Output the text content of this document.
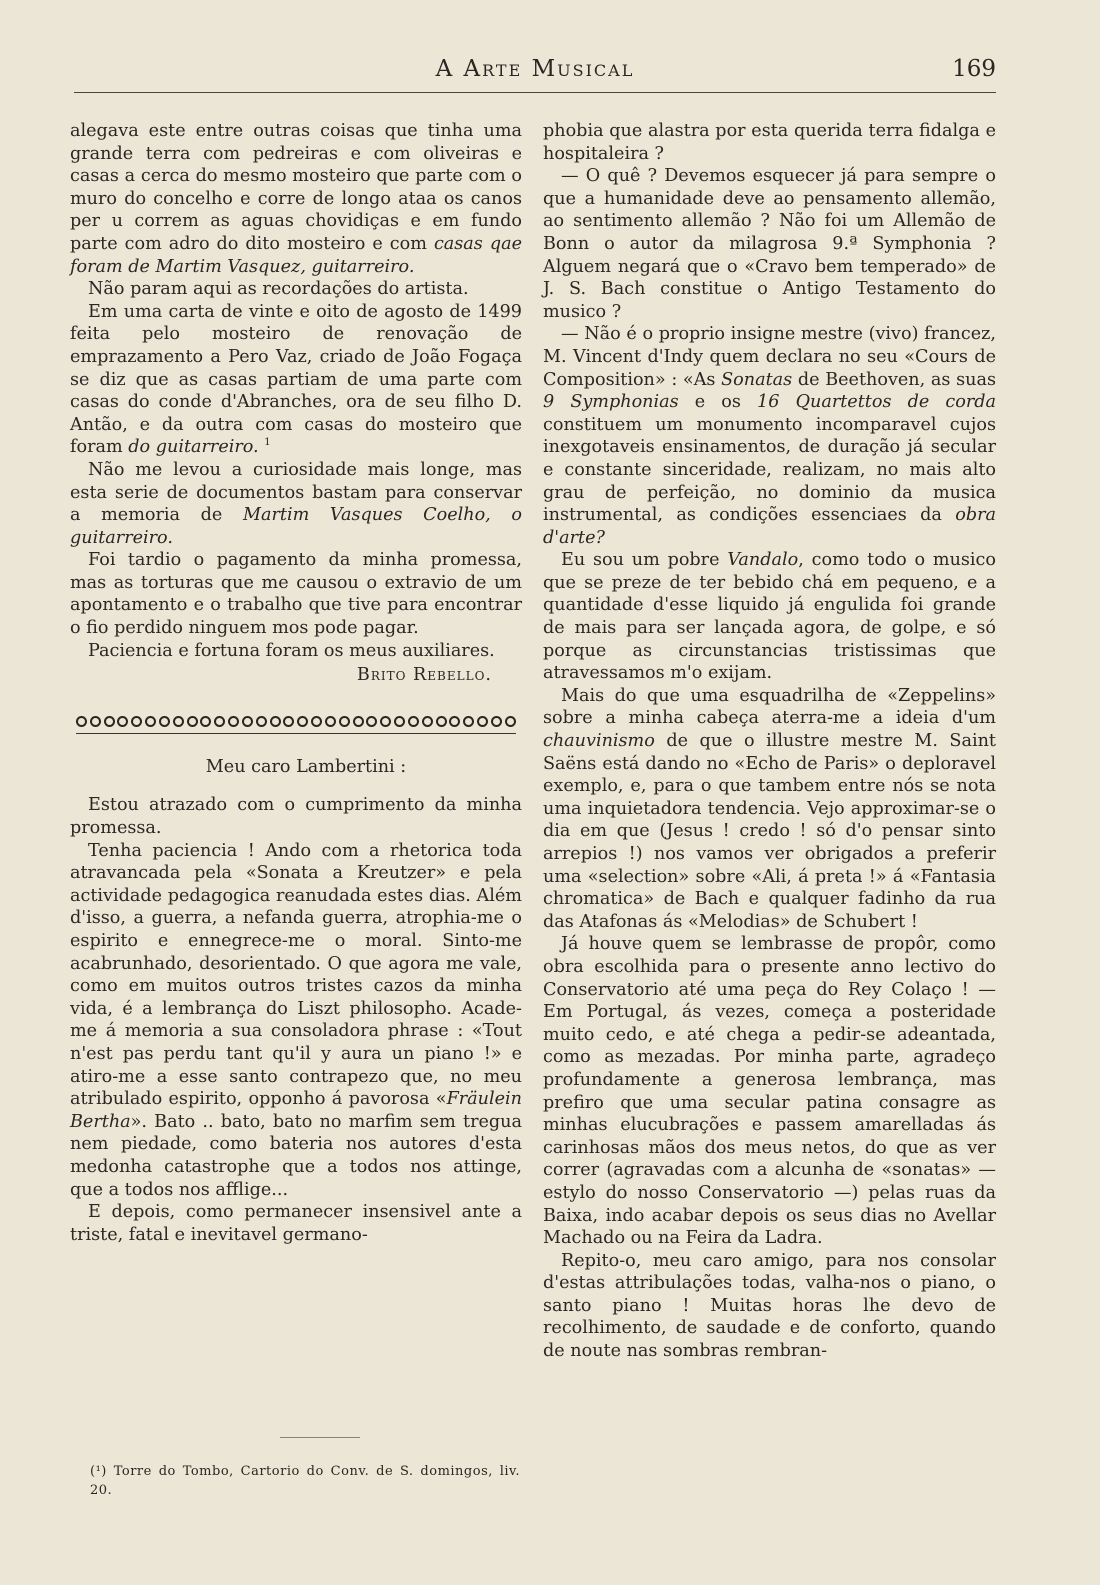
A Arte Musical	169

alegava este entre outras coisas que tinha uma grande terra com pedreiras e com oliveiras e casas a cerca do mesmo mosteiro que parte com o muro do concelho e corre de longo ataa os canos per u correm as aguas chovidiças e em fundo parte com adro do dito mosteiro e com casas qae foram de Martim Vasquez, guitarreiro.

Não param aqui as recordações do artista.

Em uma carta de vinte e oito de agosto de 1499 feita pelo mosteiro de renovação de emprazamento a Pero Vaz, criado de João Fogaça se diz que as casas partiam de uma parte com casas do conde d'Abranches, ora de seu filho D. Antão, e da outra com casas do mosteiro que foram do guitarreiro. $^1$

Não me levou a curiosidade mais longe, mas esta serie de documentos bastam para conservar a memoria de Martim Vasques Coelho, o guitarreiro.

Foi tardio o pagamento da minha promessa, mas as torturas que me causou o extravio de um apontamento e o trabalho que tive para encontrar o fio perdido ninguem mos pode pagar.

Paciencia e fortuna foram os meus auxiliares.

Brito Rebello.

Meu caro Lambertini :

Estou atrazado com o cumprimento da minha promessa.

Tenha paciencia ! Ando com a rhetorica toda atravancada pela «Sonata a Kreutzer» e pela actividade pedagogica reanudada estes dias. Além d'isso, a guerra, a nefanda guerra, atrophia-me o espirito e ennegrece-me o moral. Sinto-me acabrunhado, desorientado. O que agora me vale, como em muitos outros tristes cazos da minha vida, é a lembrança do Liszt philosopho. Acade-me á memoria a sua consoladora phrase : «Tout n'est pas perdu tant qu'il y aura un piano !» e atiro-me a esse santo contrapezo que, no meu atribulado espirito, opponho á pavorosa «Fräulein Bertha». Bato .. bato, bato no marfim sem tregua nem piedade, como bateria nos autores d'esta medonha catastrophe que a todos nos attinge, que a todos nos afflige...

E depois, como permanecer insensivel ante a triste, fatal e inevitavel germano-

phobia que alastra por esta querida terra fidalga e hospitaleira ?

— O quê ? Devemos esquecer já para sempre o que a humanidade deve ao pensamento allemão, ao sentimento allemão ? Não foi um Allemão de Bonn o autor da milagrosa 9.ª Symphonia ? Alguem negará que o «Cravo bem temperado» de J. S. Bach constitue o Antigo Testamento do musico ?

— Não é o proprio insigne mestre (vivo) francez, M. Vincent d'Indy quem declara no seu «Cours de Composition» : «As Sonatas de Beethoven, as suas 9 Symphonias e os 16 Quartettos de corda constituem um monumento incomparavel cujos inexgotaveis ensinamentos, de duração já secular e constante sinceridade, realizam, no mais alto grau de perfeição, no dominio da musica instrumental, as condições essenciaes da obra d'arte?

Eu sou um pobre Vandalo, como todo o musico que se preze de ter bebido chá em pequeno, e a quantidade d'esse liquido já engulida foi grande de mais para ser lançada agora, de golpe, e só porque as circunstancias tristissimas que atravessamos m'o exijam.

Mais do que uma esquadrilha de «Zeppelins» sobre a minha cabeça aterra-me a ideia d'um chauvinismo de que o illustre mestre M. Saint Saëns está dando no «Echo de Paris» o deploravel exemplo, e, para o que tambem entre nós se nota uma inquietadora tendencia. Vejo approximar-se o dia em que (Jesus ! credo ! só d'o pensar sinto arrepios !) nos vamos ver obrigados a preferir uma «selection» sobre «Ali, á preta !» á «Fantasia chromatica» de Bach e qualquer fadinho da rua das Atafonas ás «Melodias» de Schubert !

Já houve quem se lembrasse de propôr, como obra escolhida para o presente anno lectivo do Conservatorio até uma peça do Rey Colaço ! — Em Portugal, ás vezes, começa a posteridade muito cedo, e até chega a pedir-se adeantada, como as mezadas. Por minha parte, agradeço profundamente a generosa lembrança, mas prefiro que uma secular patina consagre as minhas elucubrações e passem amarelladas ás carinhosas mãos dos meus netos, do que as ver correr (agravadas com a alcunha de «sonatas» — estylo do nosso Conservatorio —) pelas ruas da Baixa, indo acabar depois os seus dias no Avellar Machado ou na Feira da Ladra.

Repito-o, meu caro amigo, para nos consolar d'estas attribulações todas, valha-nos o piano, o santo piano ! Muitas horas lhe devo de recolhimento, de saudade e de conforto, quando de noute nas sombras rembran-

(¹) Torre do Tombo, Cartorio do Conv. de S. domingos, liv. 20.
